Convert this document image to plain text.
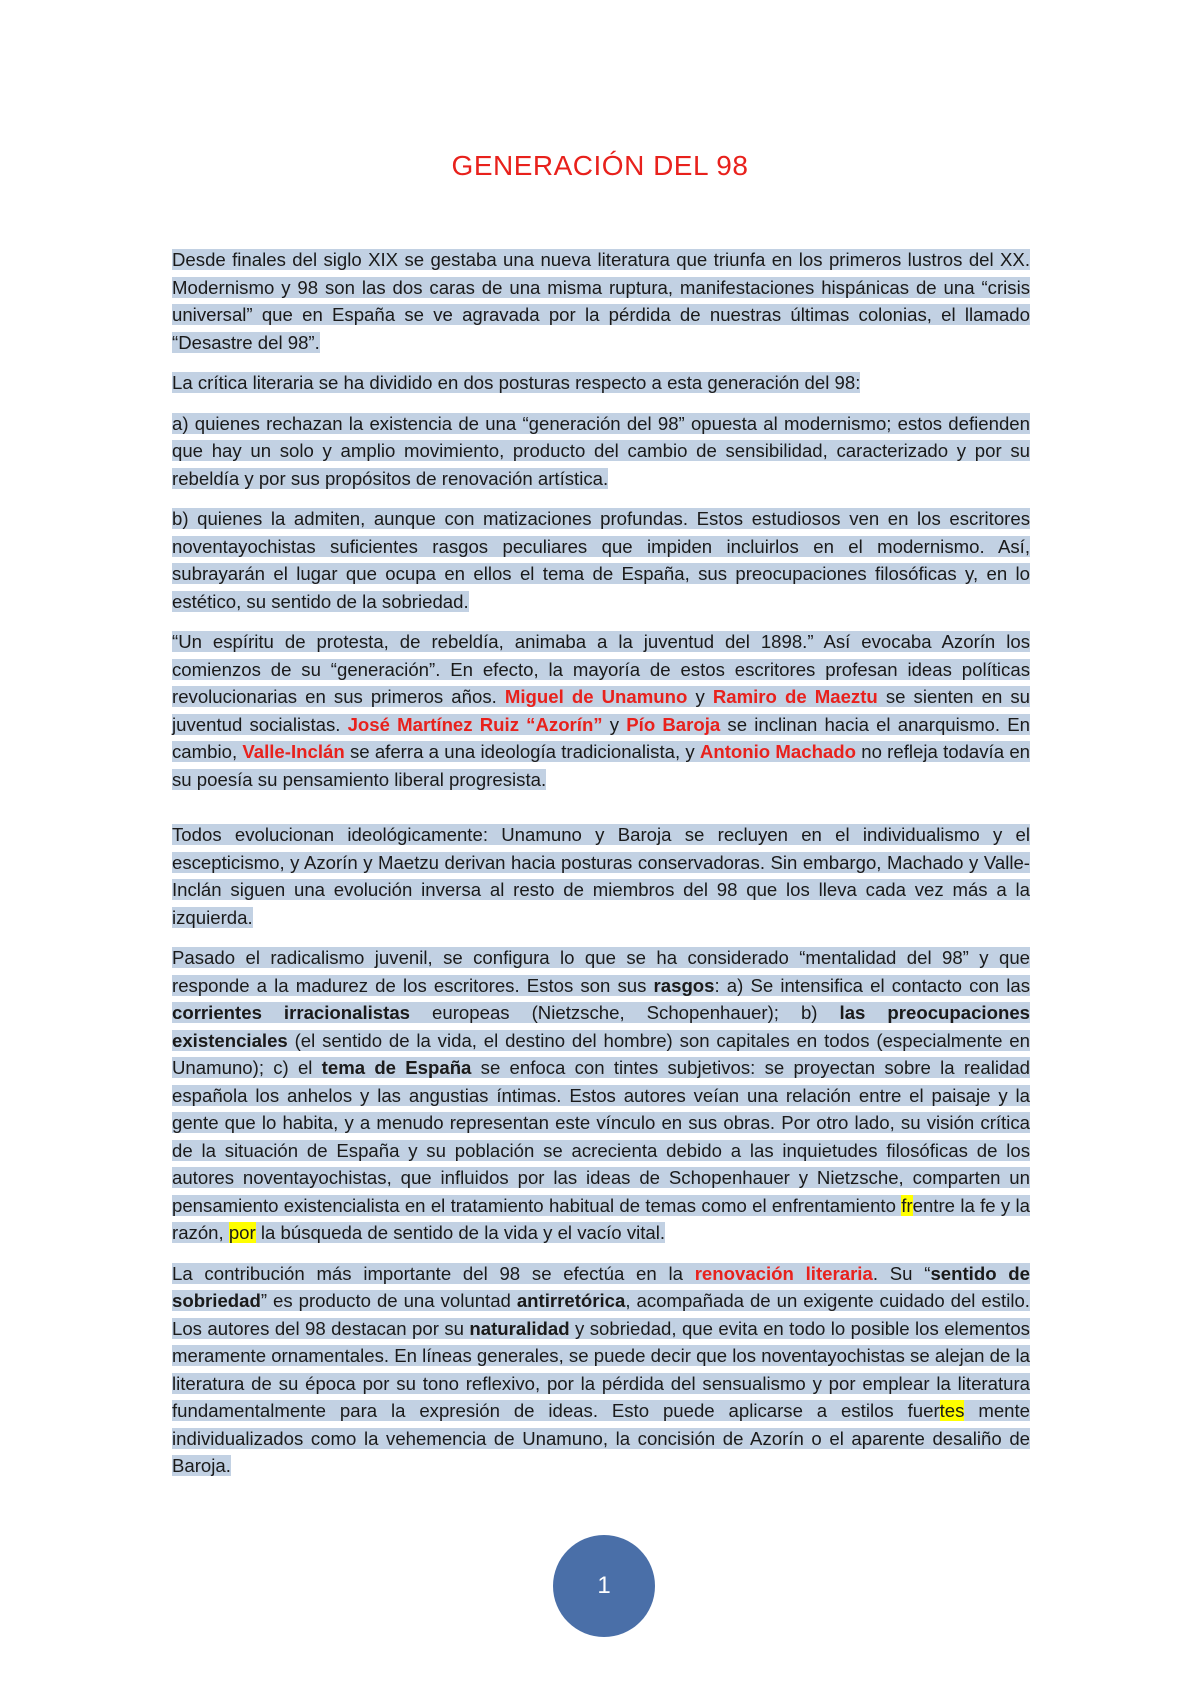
GENERACIÓN DEL 98

Desde finales del siglo XIX se gestaba una nueva literatura que triunfa en los primeros lustros del XX. Modernismo y 98 son las dos caras de una misma ruptura, manifestaciones hispánicas de una “crisis universal” que en España se ve agravada por la pérdida de nuestras últimas colonias, el llamado “Desastre del 98”.

La crítica literaria se ha dividido en dos posturas respecto a esta generación del 98:

a) quienes rechazan la existencia de una “generación del 98” opuesta al modernismo; estos defienden que hay un solo y amplio movimiento, producto del cambio de sensibilidad, caracterizado y por su rebeldía y por sus propósitos de renovación artística.

b) quienes la admiten, aunque con matizaciones profundas. Estos estudiosos ven en los escritores noventayochistas suficientes rasgos peculiares que impiden incluirlos en el modernismo. Así, subrayarán el lugar que ocupa en ellos el tema de España, sus preocupaciones filosóficas y, en lo estético, su sentido de la sobriedad.

“Un espíritu de protesta, de rebeldía, animaba a la juventud del 1898.” Así evocaba Azorín los comienzos de su “generación”. En efecto, la mayoría de estos escritores profesan ideas políticas revolucionarias en sus primeros años. Miguel de Unamuno y Ramiro de Maeztu se sienten en su juventud socialistas. José Martínez Ruiz “Azorín” y Pío Baroja se inclinan hacia el anarquismo. En cambio, Valle-Inclán se aferra a una ideología tradicionalista, y Antonio Machado no refleja todavía en su poesía su pensamiento liberal progresista.

Todos evolucionan ideológicamente: Unamuno y Baroja se recluyen en el individualismo y el escepticismo, y Azorín y Maetzu derivan hacia posturas conservadoras. Sin embargo, Machado y Valle-Inclán siguen una evolución inversa al resto de miembros del 98 que los lleva cada vez más a la izquierda.

Pasado el radicalismo juvenil, se configura lo que se ha considerado “mentalidad del 98” y que responde a la madurez de los escritores. Estos son sus rasgos: a) Se intensifica el contacto con las corrientes irracionalistas europeas (Nietzsche, Schopenhauer); b) las preocupaciones existenciales (el sentido de la vida, el destino del hombre) son capitales en todos (especialmente en Unamuno); c) el tema de España se enfoca con tintes subjetivos: se proyectan sobre la realidad española los anhelos y las angustias íntimas. Estos autores veían una relación entre el paisaje y la gente que lo habita, y a menudo representan este vínculo en sus obras. Por otro lado, su visión crítica de la situación de España y su población se acrecienta debido a las inquietudes filosóficas de los autores noventayochistas, que influidos por las ideas de Schopenhauer y Nietzsche, comparten un pensamiento existencialista en el tratamiento habitual de temas como el enfrentamiento frentre la fe y la razón, por la búsqueda de sentido de la vida y el vacío vital.

La contribución más importante del 98 se efectúa en la renovación literaria. Su “sentido de sobriedad” es producto de una voluntad antirretórica, acompañada de un exigente cuidado del estilo. Los autores del 98 destacan por su naturalidad y sobriedad, que evita en todo lo posible los elementos meramente ornamentales. En líneas generales, se puede decir que los noventayochistas se alejan de la literatura de su época por su tono reflexivo, por la pérdida del sensualismo y por emplear la literatura fundamentalmente para la expresión de ideas. Esto puede aplicarse a estilos fuertes mente individualizados como la vehemencia de Unamuno, la concisión de Azorín o el aparente desaliño de Baroja.

1
